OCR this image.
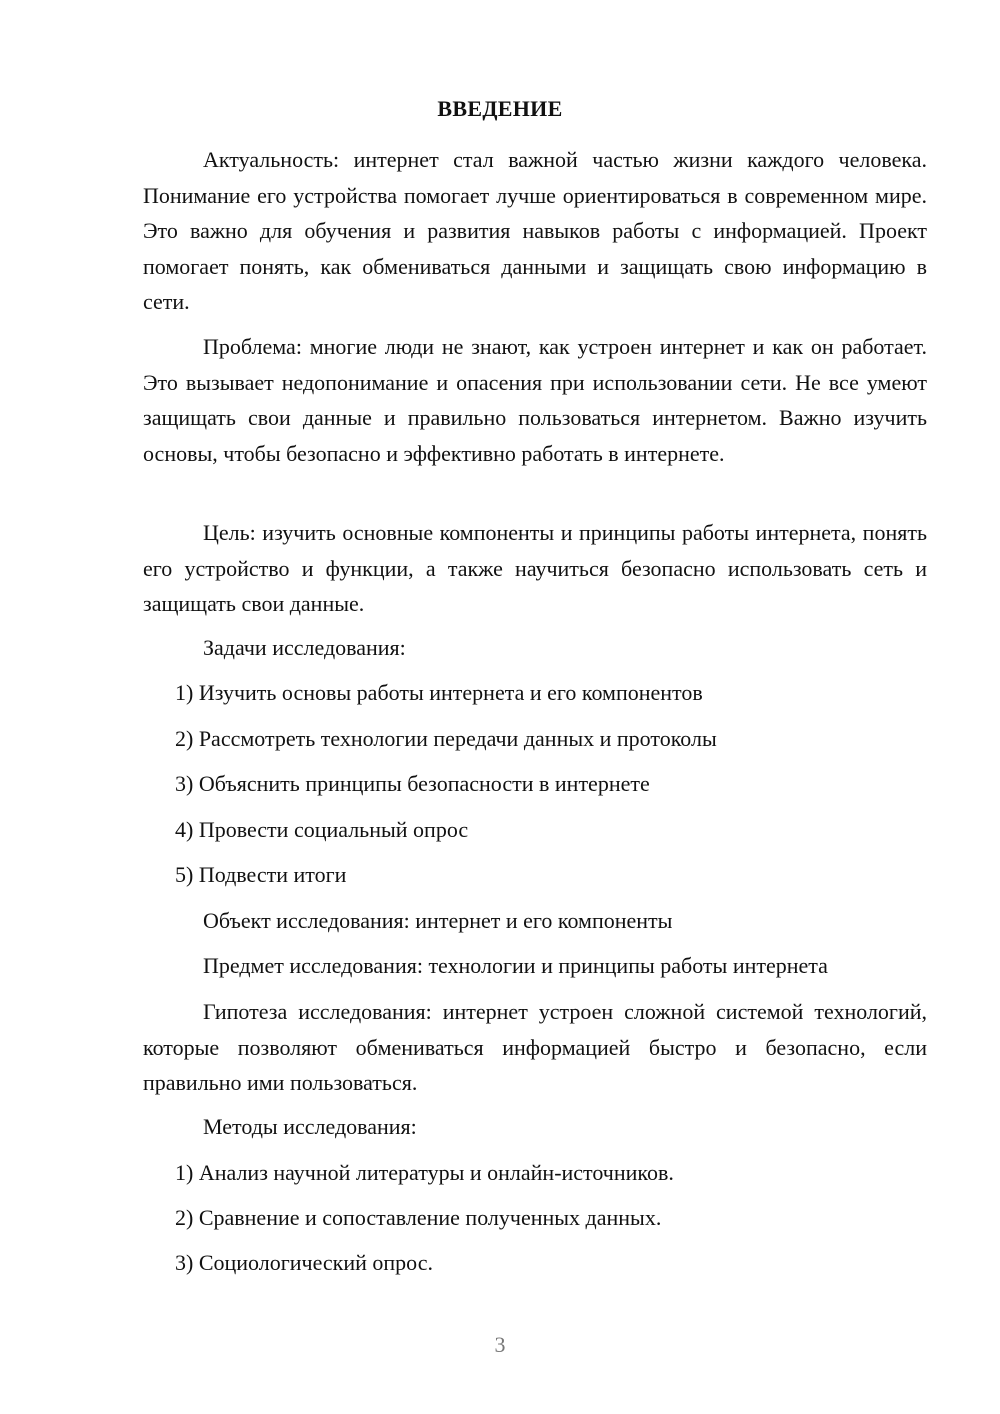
ВВЕДЕНИЕ

Актуальность: интернет стал важной частью жизни каждого человека. Понимание его устройства помогает лучше ориентироваться в современном мире. Это важно для обучения и развития навыков работы с информацией. Проект помогает понять, как обмениваться данными и защищать свою информацию в сети.

Проблема: многие люди не знают, как устроен интернет и как он работает. Это вызывает недопонимание и опасения при использовании сети. Не все умеют защищать свои данные и правильно пользоваться интернетом. Важно изучить основы, чтобы безопасно и эффективно работать в интернете.

Цель: изучить основные компоненты и принципы работы интернета, понять его устройство и функции, а также научиться безопасно использовать сеть и защищать свои данные.

Задачи исследования:

1) Изучить основы работы интернета и его компонентов

2) Рассмотреть технологии передачи данных и протоколы

3) Объяснить принципы безопасности в интернете

4) Провести социальный опрос

5) Подвести итоги

Объект исследования: интернет и его компоненты

Предмет исследования: технологии и принципы работы интернета

Гипотеза исследования: интернет устроен сложной системой технологий, которые позволяют обмениваться информацией быстро и безопасно, если правильно ими пользоваться.

Методы исследования:

1) Анализ научной литературы и онлайн-источников.

2) Сравнение и сопоставление полученных данных.

3) Социологический опрос.

3
